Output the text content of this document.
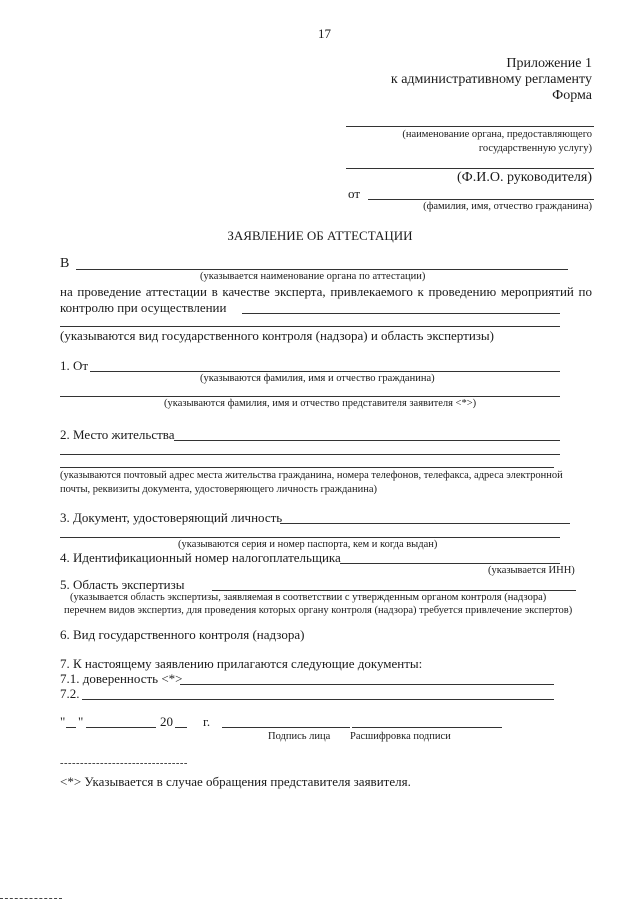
17
Приложение 1
к административному регламенту
Форма
(наименование органа, предоставляющего
государственную услугу)
(Ф.И.О. руководителя)
от
(фамилия, имя, отчество гражданина)
ЗАЯВЛЕНИЕ ОБ АТТЕСТАЦИИ
В
(указывается наименование органа по аттестации)
на проведение аттестации в качестве эксперта, привлекаемого к проведению мероприятий по
контролю при осуществлении
(указываются вид государственного контроля (надзора) и область экспертизы)
1. От
(указываются фамилия, имя и отчество гражданина)
(указываются фамилия, имя и отчество представителя заявителя <*>)
2. Место жительства
(указываются почтовый адрес места жительства гражданина, номера телефонов, телефакса, адреса электронной
почты, реквизиты документа, удостоверяющего личность гражданина)
3. Документ, удостоверяющий личность
(указываются серия и номер паспорта, кем и когда выдан)
4. Идентификационный номер налогоплательщика
(указывается ИНН)
5. Область экспертизы
(указывается область экспертизы, заявляемая в соответствии с утвержденным органом контроля (надзора)
перечнем видов экспертиз, для проведения которых органу контроля (надзора) требуется привлечение экспертов)
6. Вид государственного контроля (надзора)
7. К настоящему заявлению прилагаются следующие документы:
7.1. доверенность <*>
7.2.
" "	20 г.
Подпись лица Расшифровка подписи
--------------------------------
<*> Указывается в случае обращения представителя заявителя.
